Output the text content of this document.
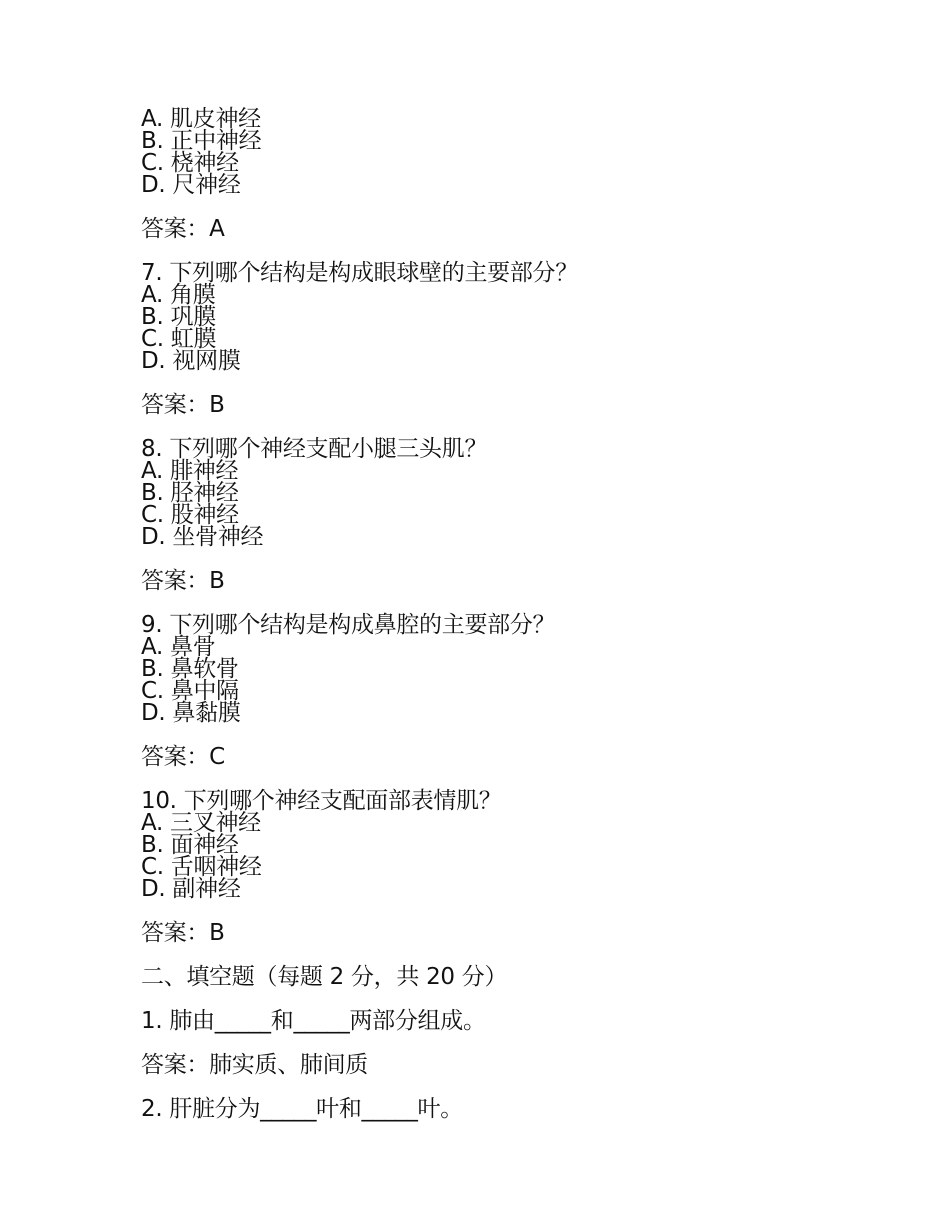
A. 肌皮神经
B. 正中神经
C. 桡神经
D. 尺神经
答案：A
7. 下列哪个结构是构成眼球壁的主要部分？
A. 角膜
B. 巩膜
C. 虹膜
D. 视网膜
答案：B
8. 下列哪个神经支配小腿三头肌？
A. 腓神经
B. 胫神经
C. 股神经
D. 坐骨神经
答案：B
9. 下列哪个结构是构成鼻腔的主要部分？
A. 鼻骨
B. 鼻软骨
C. 鼻中隔
D. 鼻黏膜
答案：C
10. 下列哪个神经支配面部表情肌？
A. 三叉神经
B. 面神经
C. 舌咽神经
D. 副神经
答案：B
二、填空题（每题 2 分，共 20 分）
1. 肺由_____和_____两部分组成。
答案：肺实质、肺间质
2. 肝脏分为_____叶和_____叶。
